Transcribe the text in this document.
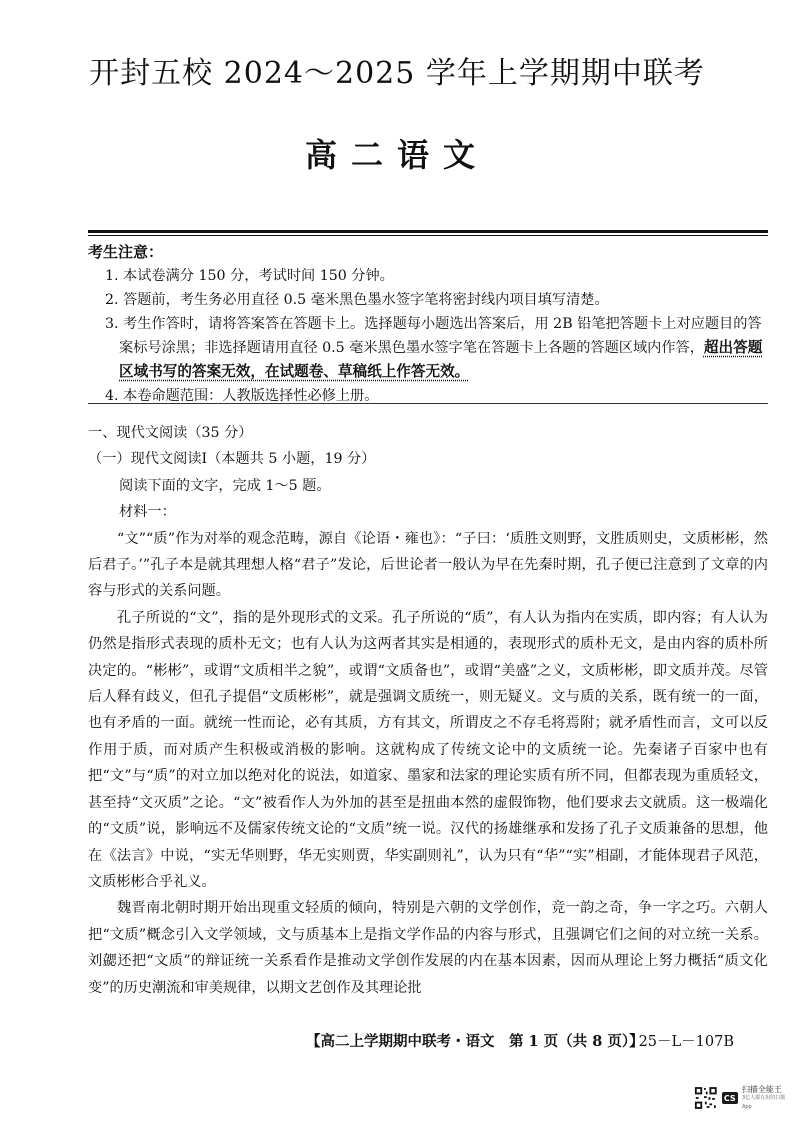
开封五校 2024～2025 学年上学期期中联考
高二语文
考生注意：
1. 本试卷满分 150 分，考试时间 150 分钟。
2. 答题前，考生务必用直径 0.5 毫米黑色墨水签字笔将密封线内项目填写清楚。
3. 考生作答时，请将答案答在答题卡上。选择题每小题选出答案后，用 2B 铅笔把答题卡上对应题目的答案标号涂黑；非选择题请用直径 0.5 毫米黑色墨水签字笔在答题卡上各题的答题区域内作答，超出答题区域书写的答案无效，在试题卷、草稿纸上作答无效。
4. 本卷命题范围：人教版选择性必修上册。

一、现代文阅读（35 分）

（一）现代文阅读Ⅰ（本题共 5 小题，19 分）

阅读下面的文字，完成 1～5 题。

材料一：

“文”“质”作为对举的观念范畴，源自《论语・雍也》：“子曰：‘质胜文则野，文胜质则史，文质彬彬，然后君子。’”孔子本是就其理想人格“君子”发论，后世论者一般认为早在先秦时期，孔子便已注意到了文章的内容与形式的关系问题。

孔子所说的“文”，指的是外现形式的文采。孔子所说的“质”，有人认为指内在实质，即内容；有人认为仍然是指形式表现的质朴无文；也有人认为这两者其实是相通的，表现形式的质朴无文，是由内容的质朴所决定的。“彬彬”，或谓“文质相半之貌”，或谓“文质备也”，或谓“美盛”之义，文质彬彬，即文质并茂。尽管后人释有歧义，但孔子提倡“文质彬彬”，就是强调文质统一，则无疑义。文与质的关系，既有统一的一面，也有矛盾的一面。就统一性而论，必有其质，方有其文，所谓皮之不存毛将焉附；就矛盾性而言，文可以反作用于质，而对质产生积极或消极的影响。这就构成了传统文论中的文质统一论。先秦诸子百家中也有把“文”与“质”的对立加以绝对化的说法，如道家、墨家和法家的理论实质有所不同，但都表现为重质轻文，甚至持“文灭质”之论。“文”被看作人为外加的甚至是扭曲本然的虚假饰物，他们要求去文就质。这一极端化的“文质”说，影响远不及儒家传统文论的“文质”统一说。汉代的扬雄继承和发扬了孔子文质兼备的思想，他在《法言》中说，“实无华则野，华无实则贾，华实副则礼”，认为只有“华”“实”相副，才能体现君子风范，文质彬彬合乎礼义。

魏晋南北朝时期开始出现重文轻质的倾向，特别是六朝的文学创作，竞一韵之奇，争一字之巧。六朝人把“文质”概念引入文学领域，文与质基本上是指文学作品的内容与形式，且强调它们之间的对立统一关系。刘勰还把“文质”的辩证统一关系看作是推动文学创作发展的内在基本因素，因而从理论上努力概括“质文化变”的历史潮流和审美规律，以期文艺创作及其理论批

【高二上学期期中联考・语文　第 1 页（共 8 页）】
25－L－107B
CS
扫描全能王
3亿人都在用的扫描App
